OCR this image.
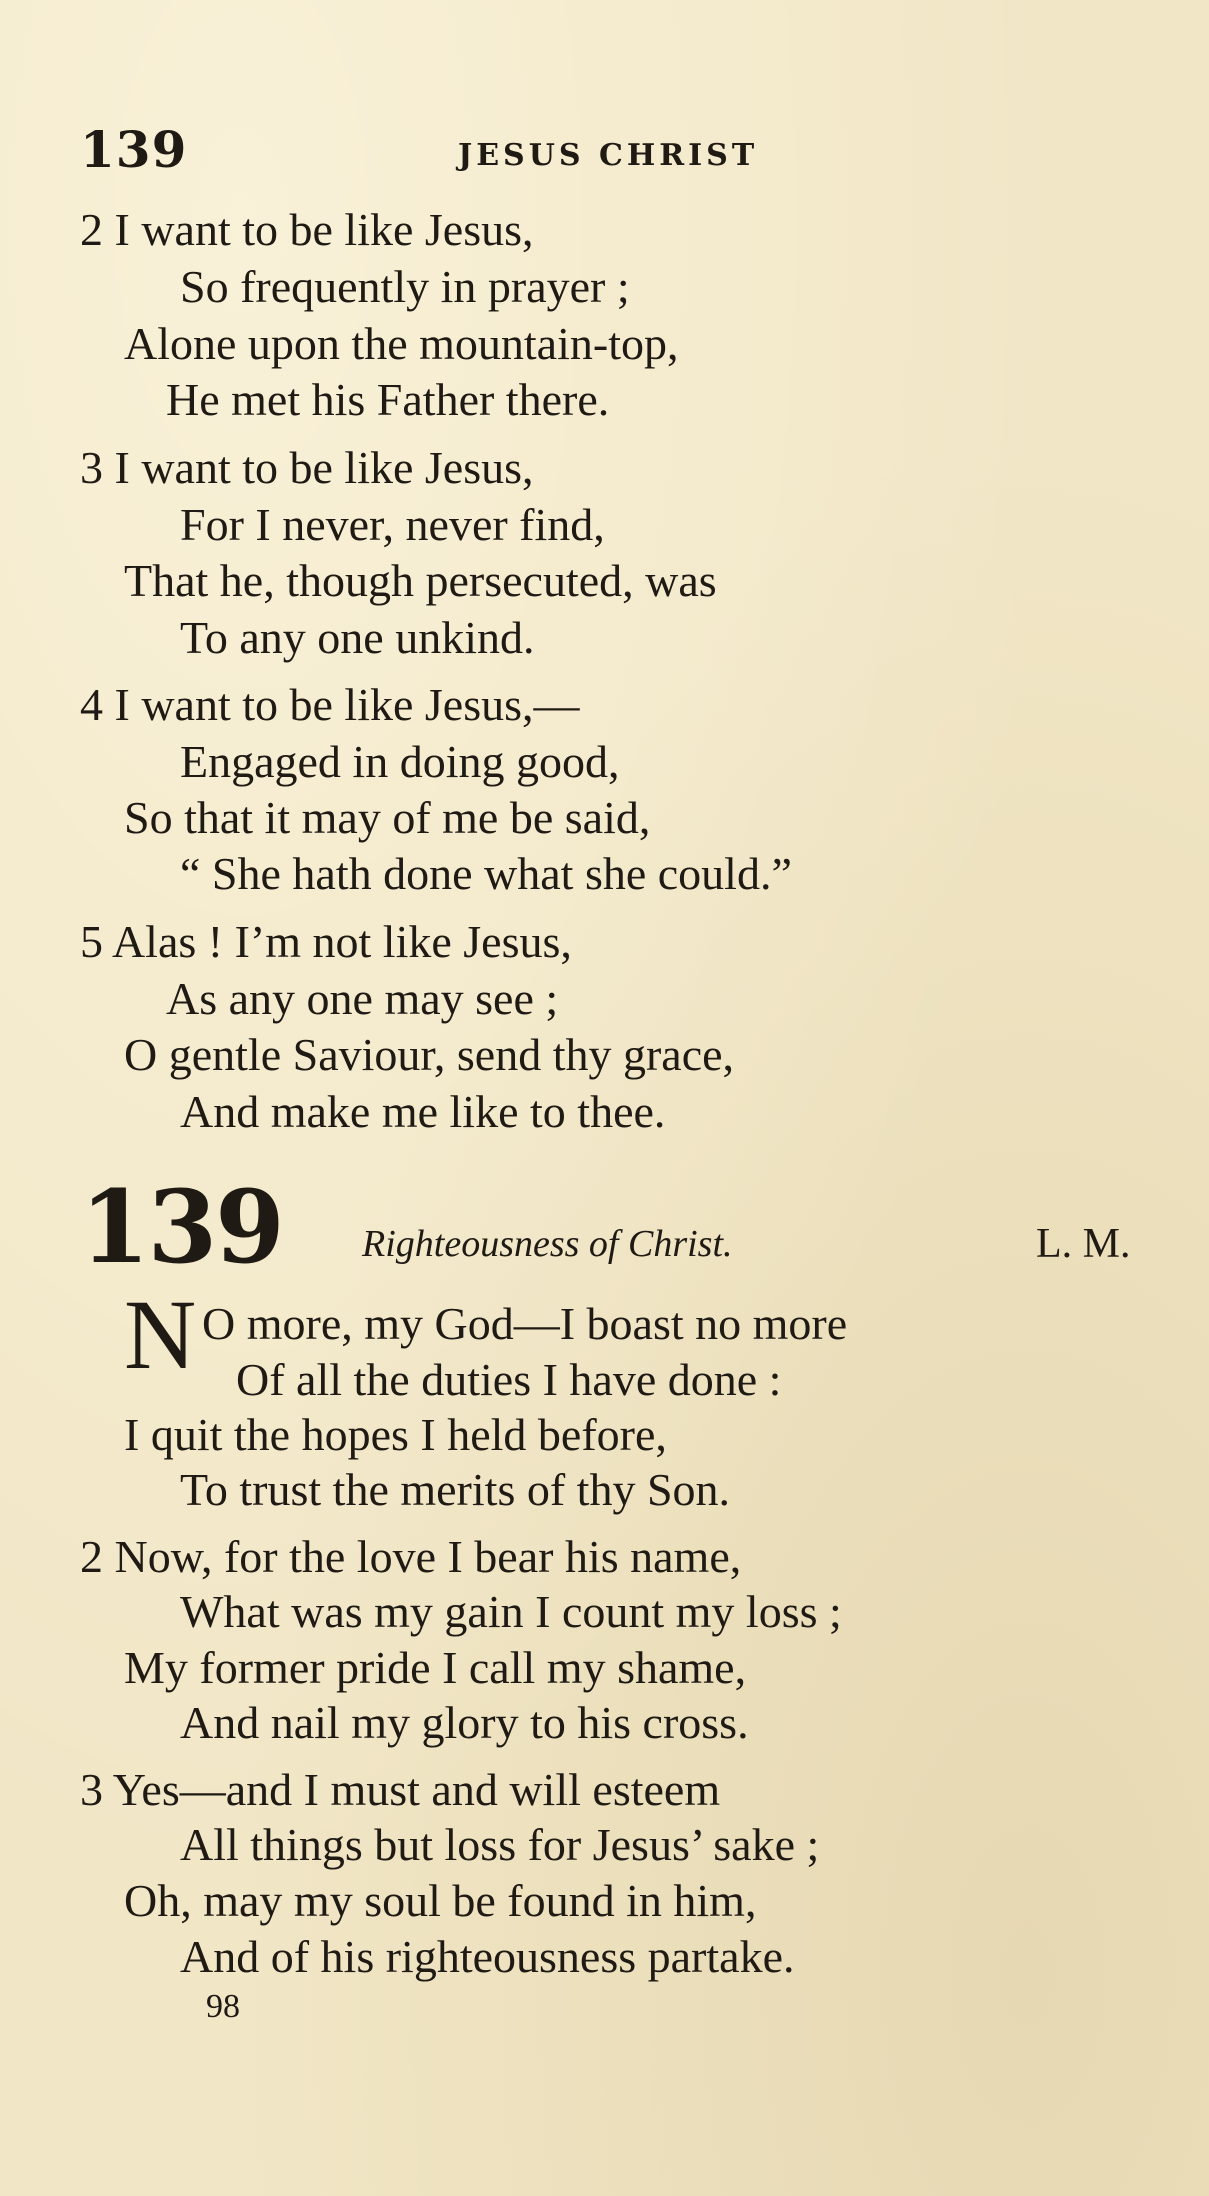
139	JESUS CHRIST
2 I want to be like Jesus,
So frequently in prayer ;
Alone upon the mountain-top,
He met his Father there.
3 I want to be like Jesus,
For I never, never find,
That he, though persecuted, was
To any one unkind.
4 I want to be like Jesus,—
Engaged in doing good,
So that it may of me be said,
“ She hath done what she could.”
5 Alas ! I’m not like Jesus,
As any one may see ;
O gentle Saviour, send thy grace,
And make me like to thee.
139 Righteousness of Christ.	L. M.
N O more, my God—I boast no more
Of all the duties I have done :
I quit the hopes I held before,
To trust the merits of thy Son.
2 Now, for the love I bear his name,
What was my gain I count my loss ;
My former pride I call my shame,
And nail my glory to his cross.
3 Yes—and I must and will esteem
All things but loss for Jesus’ sake ;
Oh, may my soul be found in him,
And of his righteousness partake.
98
